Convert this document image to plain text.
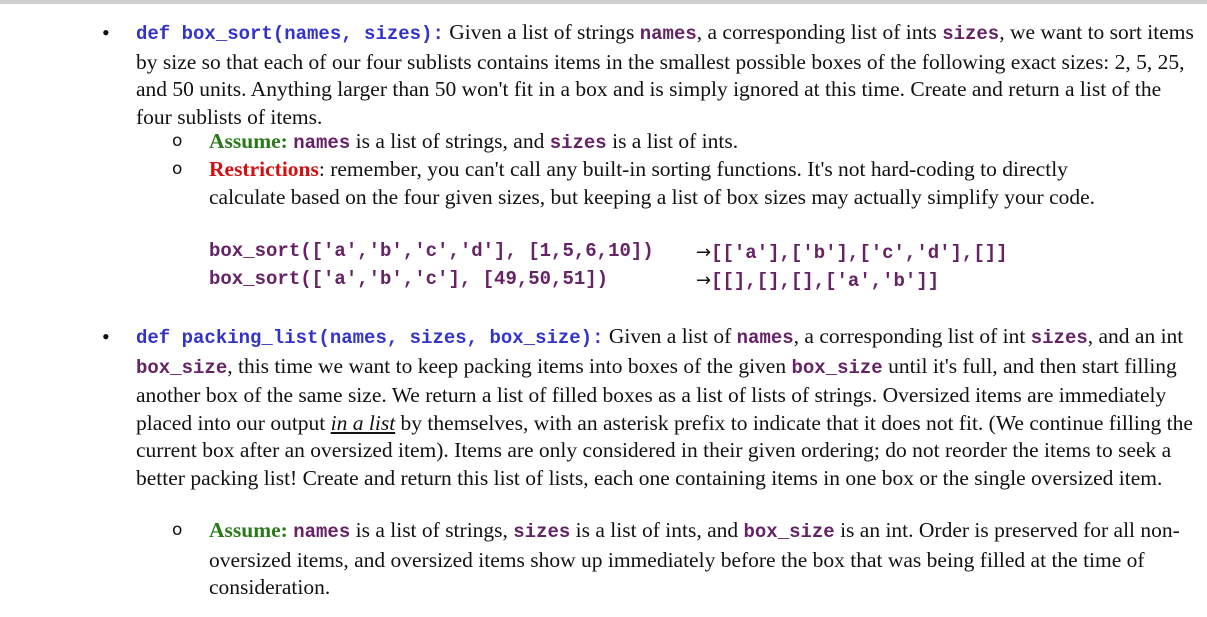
• def box_sort(names, sizes): Given a list of strings names, a corresponding list of ints sizes, we want to sort items by size so that each of our four sublists contains items in the smallest possible boxes of the following exact sizes: 2, 5, 25, and 50 units. Anything larger than 50 won't fit in a box and is simply ignored at this time. Create and return a list of the four sublists of items.
o Assume: names is a list of strings, and sizes is a list of ints.
o Restrictions: remember, you can't call any built-in sorting functions. It's not hard-coding to directly calculate based on the four given sizes, but keeping a list of box sizes may actually simplify your code.
box_sort(['a','b','c','d'], [1,5,6,10]) →[['a'],['b'],['c','d'],[]]
box_sort(['a','b','c'], [49,50,51])	→[[],[],[],['a','b']]
• def packing_list(names, sizes, box_size): Given a list of names, a corresponding list of int sizes, and an int box_size, this time we want to keep packing items into boxes of the given box_size until it's full, and then start filling another box of the same size. We return a list of filled boxes as a list of lists of strings. Oversized items are immediately placed into our output in a list by themselves, with an asterisk prefix to indicate that it does not fit. (We continue filling the current box after an oversized item). Items are only considered in their given ordering; do not reorder the items to seek a better packing list! Create and return this list of lists, each one containing items in one box or the single oversized item.
o Assume: names is a list of strings, sizes is a list of ints, and box_size is an int. Order is preserved for all non-oversized items, and oversized items show up immediately before the box that was being filled at the time of consideration.
